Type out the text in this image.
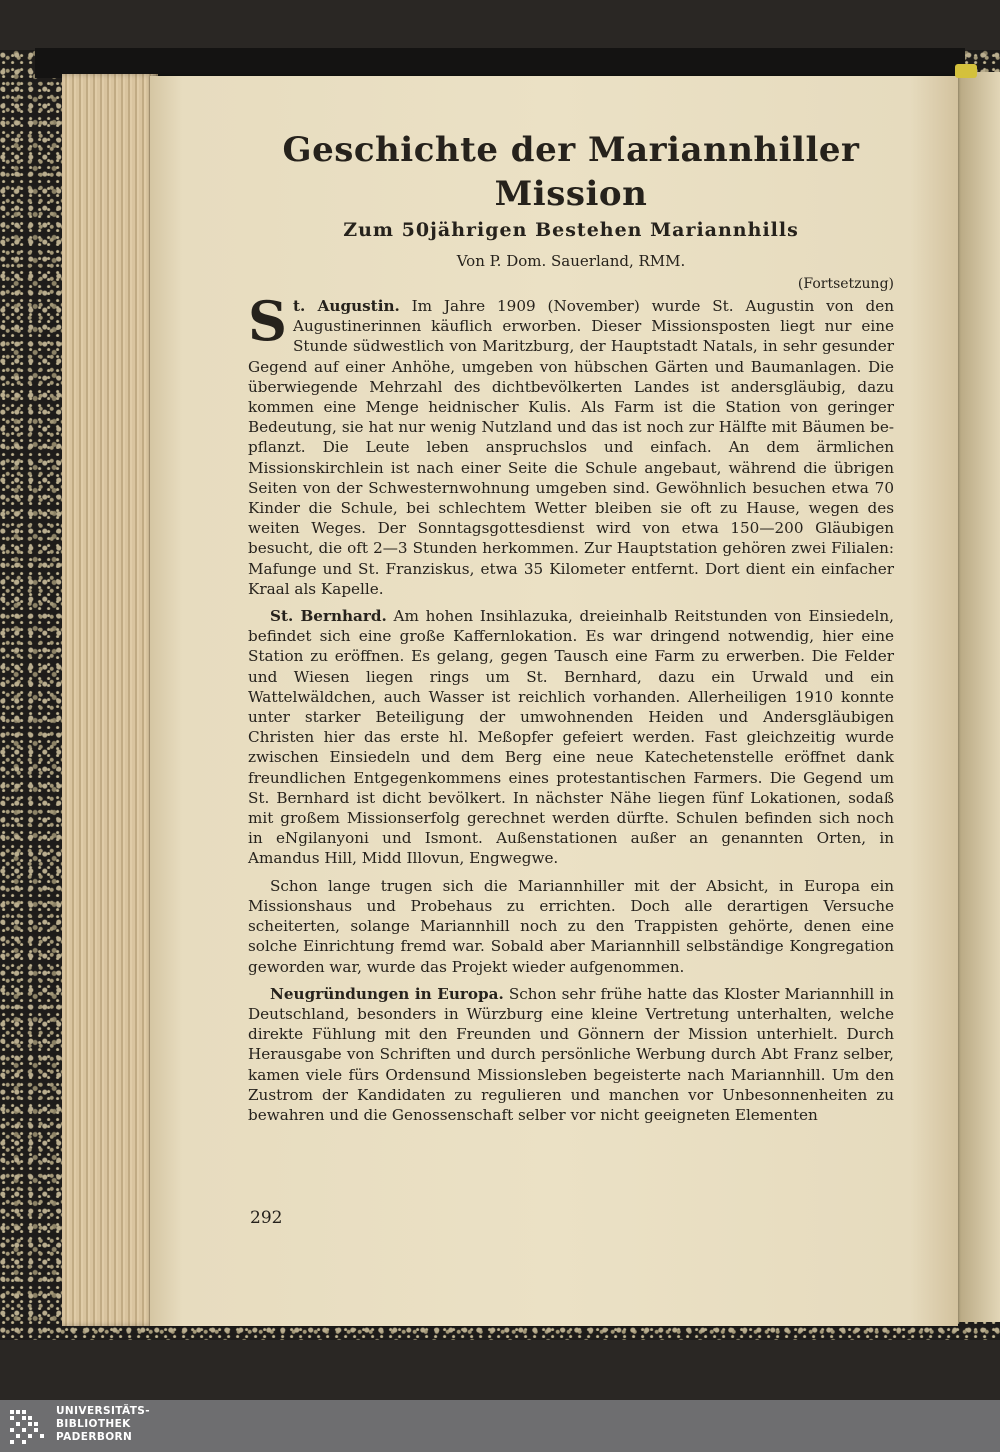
Geschichte der Mariannhiller Mission
Zum 50jährigen Bestehen Mariannhills

Von P. Dom. Sauerland, RMM.

(Fortsetzung)

St. Augustin. Im Jahre 1909 (November) wurde St. Augustin von den Augustinerinnen käuflich erworben. Dieser Missionsposten liegt nur eine Stunde südwestlich von Maritzburg, der Hauptstadt Natals, in sehr gesunder Gegend auf einer Anhöhe, umgeben von hübschen Gärten und Baumanlagen. Die überwiegende Mehrzahl des dichtbevölkerten Landes ist andersgläubig, dazu kommen eine Menge heidnischer Kulis. Als Farm ist die Station von geringer Bedeutung, sie hat nur wenig Nutzland und das ist noch zur Hälfte mit Bäumen bepflanzt. Die Leute leben anspruchslos und einfach. An dem ärmlichen Missionskirchlein ist nach einer Seite die Schule angebaut, während die übrigen Seiten von der Schwesternwohnung umgeben sind. Gewöhnlich besuchen etwa 70 Kinder die Schule, bei schlechtem Wetter bleiben sie oft zu Hause, wegen des weiten Weges. Der Sonntagsgottesdienst wird von etwa 150—200 Gläubigen besucht, die oft 2—3 Stunden herkommen. Zur Hauptstation gehören zwei Filialen: Mafunge und St. Franziskus, etwa 35 Kilometer entfernt. Dort dient ein einfacher Kraal als Kapelle.

St. Bernhard. Am hohen Insihlazuka, dreieinhalb Reitstunden von Einsiedeln, befindet sich eine große Kaffernlokation. Es war dringend notwendig, hier eine Station zu eröffnen. Es gelang, gegen Tausch eine Farm zu erwerben. Die Felder und Wiesen liegen rings um St. Bernhard, dazu ein Urwald und ein Wattelwäldchen, auch Wasser ist reichlich vorhanden. Allerheiligen 1910 konnte unter starker Beteiligung der umwohnenden Heiden und Andersgläubigen Christen hier das erste hl. Meßopfer gefeiert werden. Fast gleichzeitig wurde zwischen Einsiedeln und dem Berg eine neue Katechetenstelle eröffnet dank freundlichen Entgegenkommens eines protestantischen Farmers. Die Gegend um St. Bernhard ist dicht bevölkert. In nächster Nähe liegen fünf Lokationen, sodaß mit großem Missionserfolg gerechnet werden dürfte. Schulen befinden sich noch in eNgilanyoni und Ismont. Außenstationen außer an genannten Orten, in Amandus Hill, Midd Illovun, Engwegwe.

Schon lange trugen sich die Mariannhiller mit der Absicht, in Europa ein Missionshaus und Probehaus zu errichten. Doch alle derartigen Versuche scheiterten, solange Mariannhill noch zu den Trappisten gehörte, denen eine solche Einrichtung fremd war. Sobald aber Mariannhill selbständige Kongregation geworden war, wurde das Projekt wieder aufgenommen.

Neugründungen in Europa. Schon sehr frühe hatte das Kloster Mariannhill in Deutschland, besonders in Würzburg eine kleine Vertretung unterhalten, welche direkte Fühlung mit den Freunden und Gönnern der Mission unterhielt. Durch Herausgabe von Schriften und durch persönliche Werbung durch Abt Franz selber, kamen viele fürs Ordensund Missionsleben begeisterte nach Mariannhill. Um den Zustrom der Kandidaten zu regulieren und manchen vor Unbesonnenheiten zu bewahren und die Genossenschaft selber vor nicht geeigneten Elementen

292
UNIVERSITÄTS-
BIBLIOTHEK
PADERBORN
